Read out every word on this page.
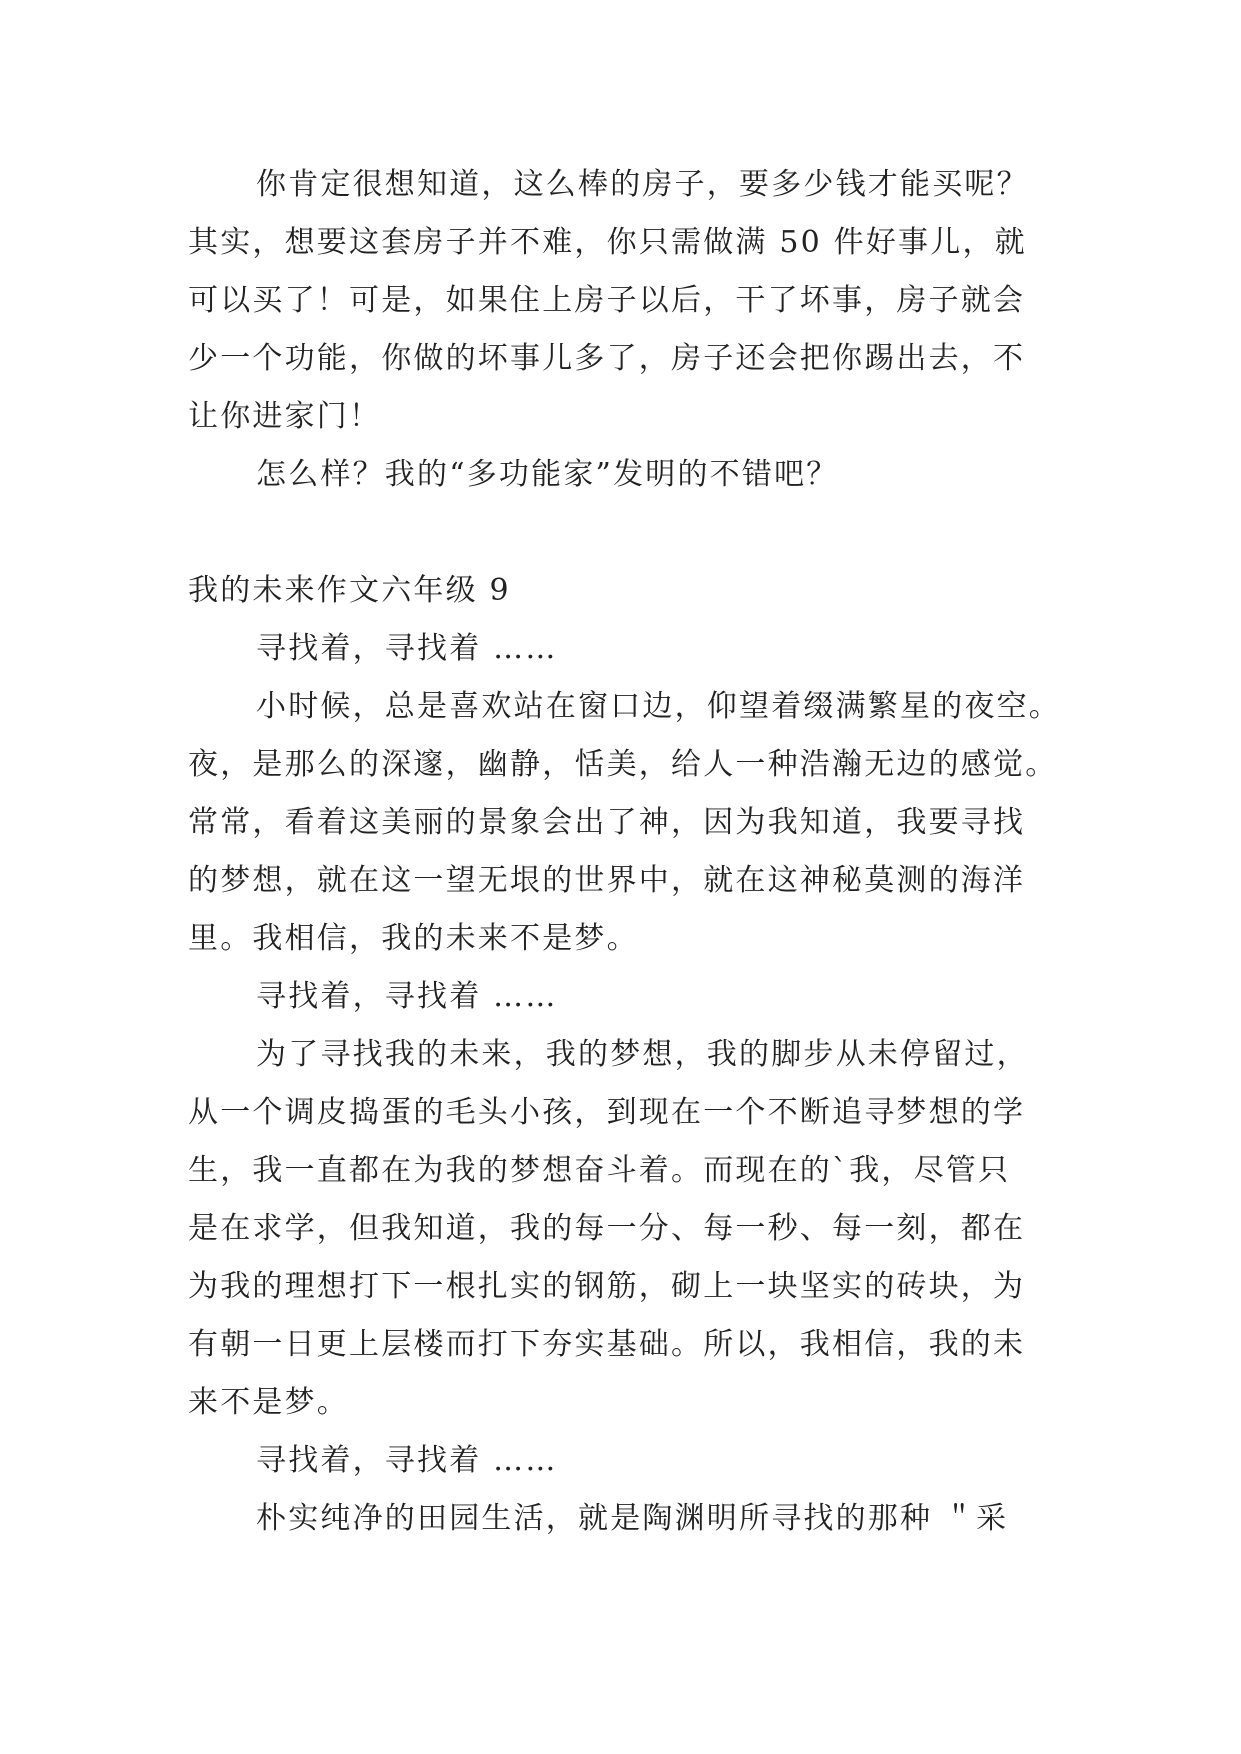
你肯定很想知道，这么棒的房子，要多少钱才能买呢？

其实，想要这套房子并不难，你只需做满 50 件好事儿，就

可以买了！可是，如果住上房子以后，干了坏事，房子就会

少一个功能，你做的坏事儿多了，房子还会把你踢出去，不

让你进家门！

怎么样？我的“多功能家”发明的不错吧？

我的未来作文六年级 9

寻找着，寻找着 ……

小时候，总是喜欢站在窗口边，仰望着缀满繁星的夜空。

夜，是那么的深邃，幽静，恬美，给人一种浩瀚无边的感觉。

常常，看着这美丽的景象会出了神，因为我知道，我要寻找

的梦想，就在这一望无垠的世界中，就在这神秘莫测的海洋

里。我相信，我的未来不是梦。

寻找着，寻找着 ……

为了寻找我的未来，我的梦想，我的脚步从未停留过，

从一个调皮捣蛋的毛头小孩，到现在一个不断追寻梦想的学

生，我一直都在为我的梦想奋斗着。而现在的`我，尽管只

是在求学，但我知道，我的每一分、每一秒、每一刻，都在

为我的理想打下一根扎实的钢筋，砌上一块坚实的砖块，为

有朝一日更上层楼而打下夯实基础。所以，我相信，我的未

来不是梦。

寻找着，寻找着 ……

朴实纯净的田园生活，就是陶渊明所寻找的那种 ＂采
